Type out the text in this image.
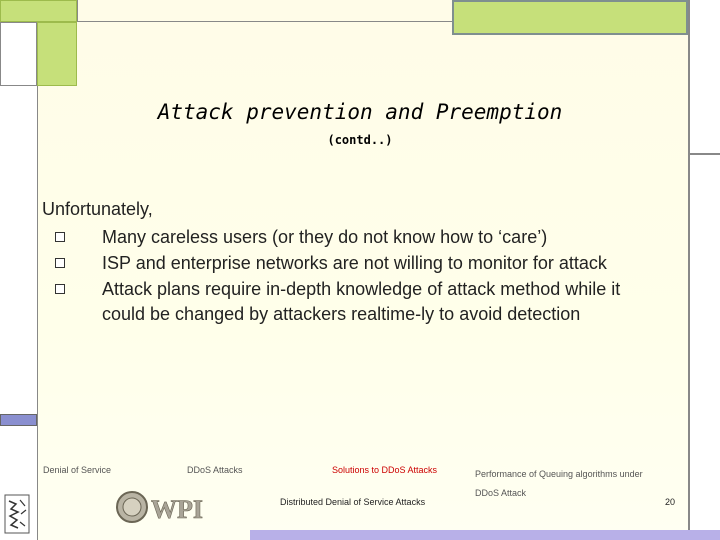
Attack prevention and Preemption
(contd..)
Unfortunately,
Many careless users (or they do not know how to ‘care’)
ISP and enterprise networks are not willing to monitor for attack
Attack plans require in-depth knowledge of attack method while it could be changed by attackers realtime-ly to avoid detection
Denial of Service	DDoS Attacks	Solutions to DDoS Attacks	Performance of Queuing algorithms under DDoS Attack
WPI	Distributed Denial of Service Attacks	20
